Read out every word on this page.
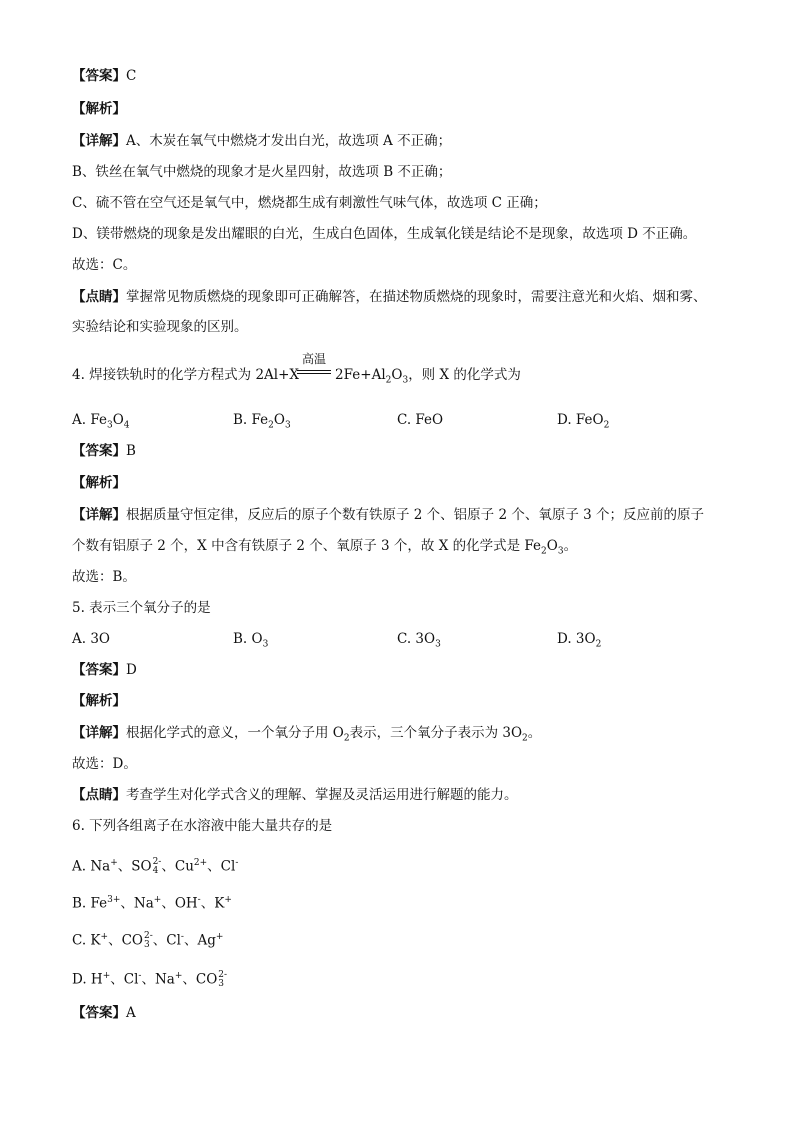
【答案】C
【解析】
【详解】A、木炭在氧气中燃烧才发出白光，故选项 A 不正确；
B、铁丝在氧气中燃烧的现象才是火星四射，故选项 B 不正确；
C、硫不管在空气还是氧气中，燃烧都生成有刺激性气味气体，故选项 C 正确；
D、镁带燃烧的现象是发出耀眼的白光，生成白色固体，生成氧化镁是结论不是现象，故选项 D 不正确。
故选：C。
【点睛】掌握常见物质燃烧的现象即可正确解答，在描述物质燃烧的现象时，需要注意光和火焰、烟和雾、
实验结论和实验现象的区别。
4. 焊接铁轨时的化学方程式为 2Al+X	$2Fe+Al_2O_3$，则 X 的化学式为
高温
A. $Fe_3O_4$	B. $Fe_2O_3$	C. FeO	D. FeO$_2$
【答案】B
【解析】
【详解】根据质量守恒定律，反应后的原子个数有铁原子 2 个、铝原子 2 个、氧原子 3 个；反应前的原子
个数有铝原子 2 个，X 中含有铁原子 2 个、氧原子 3 个，故 X 的化学式是 $Fe_2O_3$。
故选：B。
5. 表示三个氧分子的是
A. 3O	B. $O_3$	C. $3O_3$	D. $3O_2$
【答案】D
【解析】
【详解】根据化学式的意义，一个氧分子用 $O_2$表示，三个氧分子表示为 $3O_2$。
故选：D。
【点睛】考查学生对化学式含义的理解、掌握及灵活运用进行解题的能力。
6. 下列各组离子在水溶液中能大量共存的是
A. Na+、SO 2-
4 、$Cu^{2+}$、Cl-
B. $Fe^{3+}$、Na+、OH-、K+
C. K+、CO 2-
3 、Cl-、Ag+
D. H+、Cl-、Na+、CO 2-
3
【答案】A
